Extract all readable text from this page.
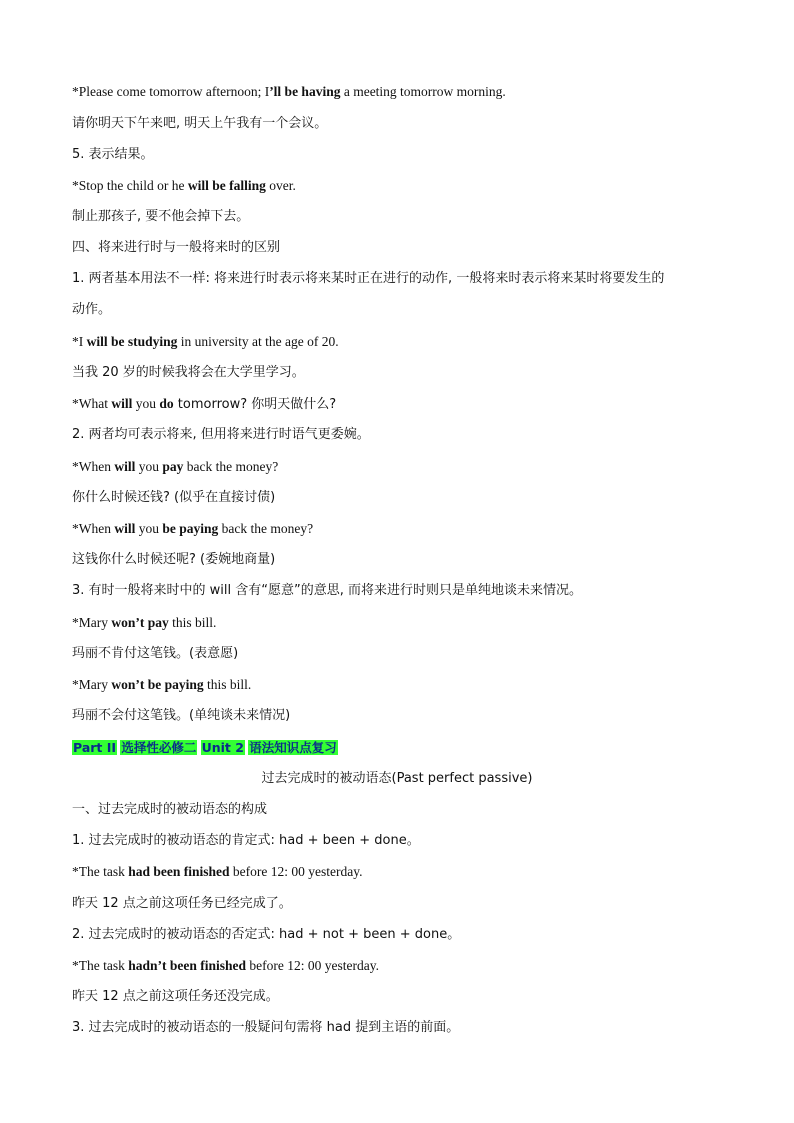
*Please come tomorrow afternoon; I’ll be having a meeting tomorrow morning.
请你明天下午来吧, 明天上午我有一个会议。
5. 表示结果。
*Stop the child or he will be falling over.
制止那孩子, 要不他会掉下去。
四、将来进行时与一般将来时的区别
1. 两者基本用法不一样: 将来进行时表示将来某时正在进行的动作, 一般将来时表示将来某时将要发生的
动作。
*I will be studying in university at the age of 20.
当我 20 岁的时候我将会在大学里学习。
*What will you do tomorrow? 你明天做什么?
2. 两者均可表示将来, 但用将来进行时语气更委婉。
*When will you pay back the money?
你什么时候还钱? (似乎在直接讨债)
*When will you be paying back the money?
这钱你什么时候还呢? (委婉地商量)
3. 有时一般将来时中的 will 含有“愿意”的意思, 而将来进行时则只是单纯地谈未来情况。
*Mary won’t pay this bill.
玛丽不肯付这笔钱。(表意愿)
*Mary won’t be paying this bill.
玛丽不会付这笔钱。(单纯谈未来情况)
Part II 选择性必修二 Unit 2 语法知识点复习
过去完成时的被动语态(Past perfect passive)
一、过去完成时的被动语态的构成
1. 过去完成时的被动语态的肯定式: had + been + done。
*The task had been finished before 12: 00 yesterday.
昨天 12 点之前这项任务已经完成了。
2. 过去完成时的被动语态的否定式: had + not + been + done。
*The task hadn’t been finished before 12: 00 yesterday.
昨天 12 点之前这项任务还没完成。
3. 过去完成时的被动语态的一般疑问句需将 had 提到主语的前面。
